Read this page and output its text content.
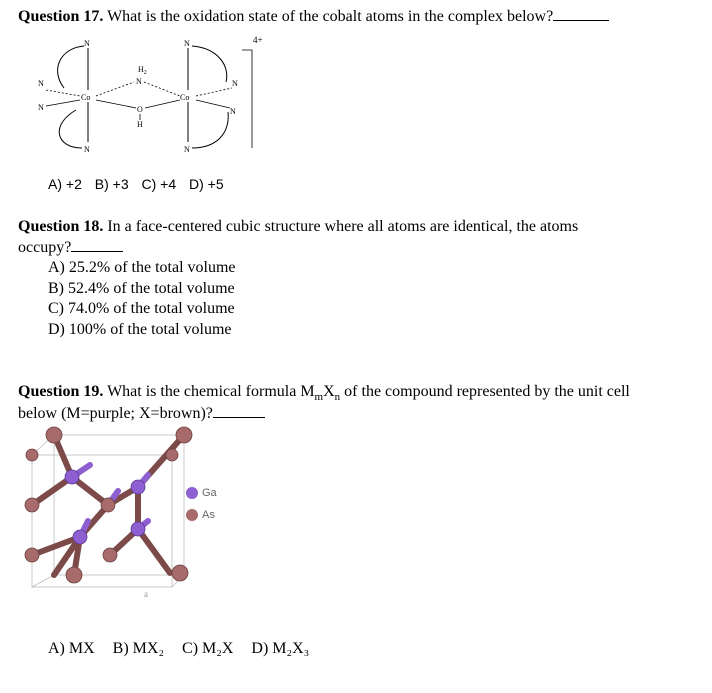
Question 17. What is the oxidation state of the cobalt atoms in the complex below?
4+
N
N
N
N
Co
$H_2$
N
O
H
Co
N
N
N
N
A) +2 B) +3 C) +4 D) +5
Question 18. In a face-centered cubic structure where all atoms are identical, the atoms
occupy?
A) 25.2% of the total volume
B) 52.4% of the total volume
C) 74.0% of the total volume
D) 100% of the total volume
Question 19. What is the chemical formula $M_mX_n$ of the compound represented by the unit cell
below (M=purple; X=brown)?
a
Ga
As
A) MX B) MX₂ C) M₂X D) M₂X₃
